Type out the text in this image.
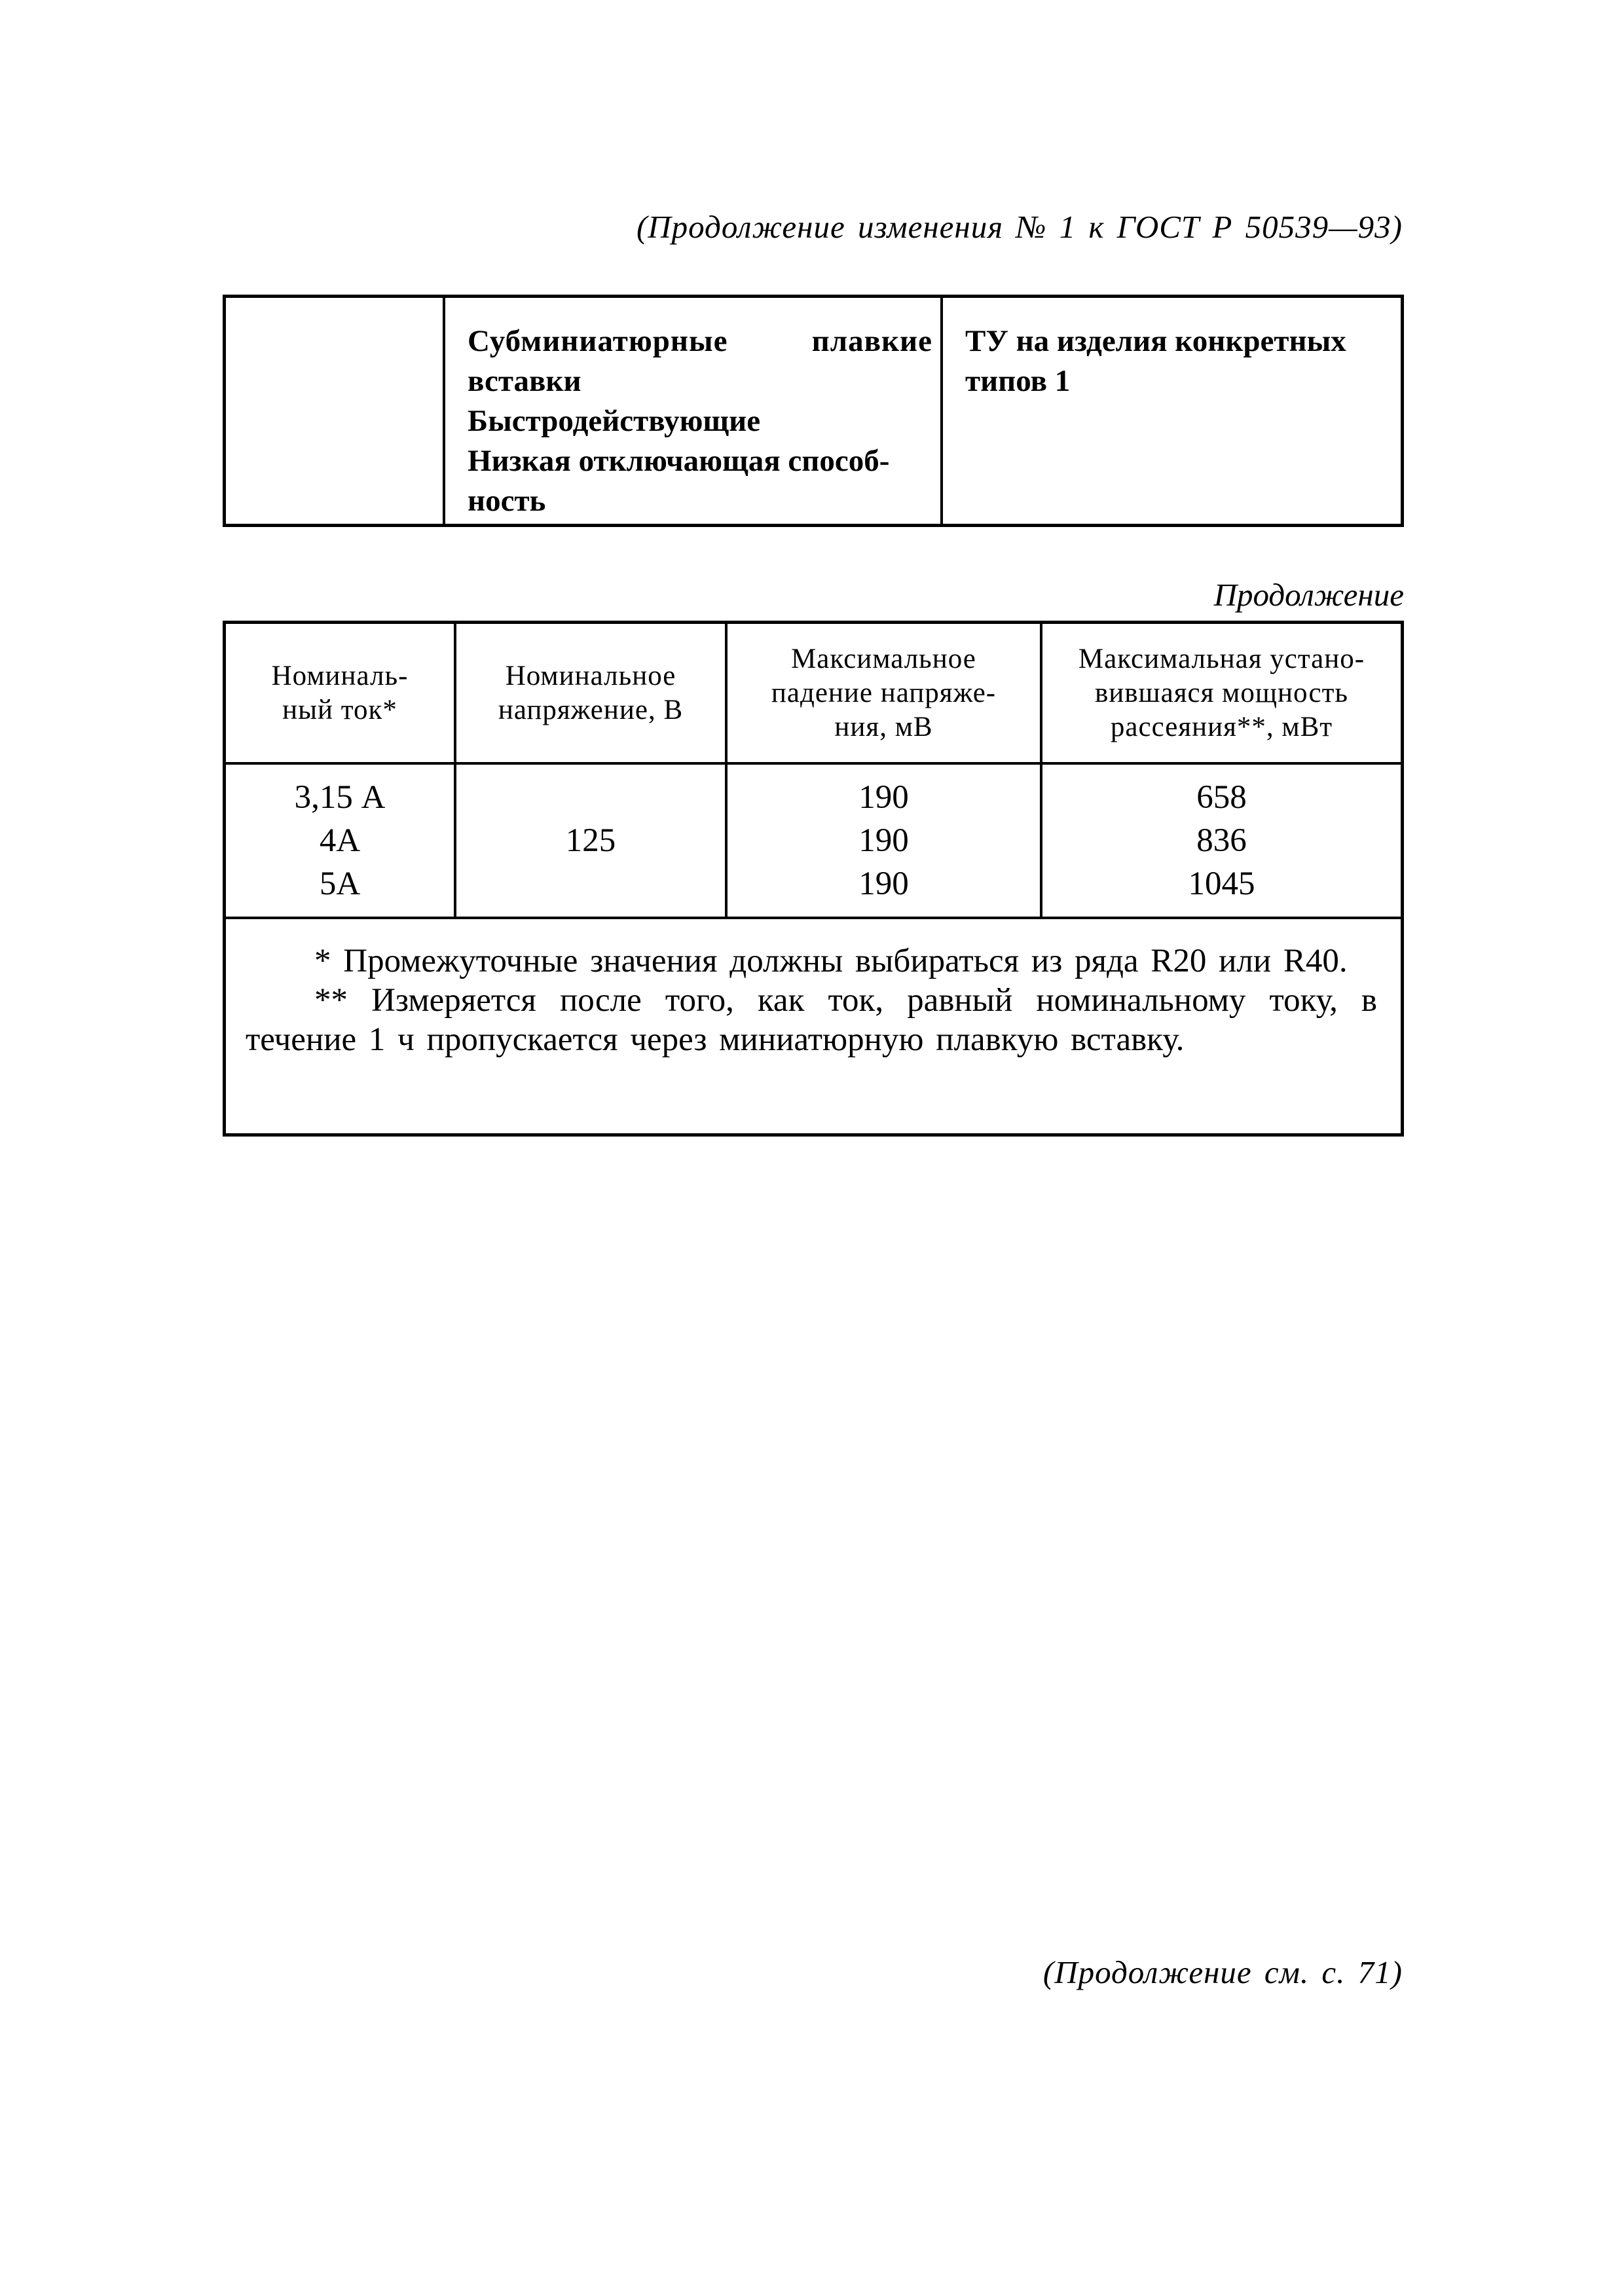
(Продолжение изменения № 1 к ГОСТ Р 50539—93)
Субминиатюрные плавкие
вставки
Быстродействующие
Низкая отключающая способ-
ность
ТУ на изделия конкретных
типов 1
Продолжение
Номиналь-
ный ток*
Номинальное
напряжение, В
Максимальное
падение напряже-
ния, мВ
Максимальная устано-
вившаяся мощность
рассеяния**, мВт
3,15 А
4А
5А
125
190
190
190
658
836
1045
* Промежуточные значения должны выбираться из ряда R20 или R40.
** Измеряется после того, как ток, равный номинальному току, в течение 1 ч пропускается через миниатюрную плавкую вставку.
(Продолжение см. с. 71)
